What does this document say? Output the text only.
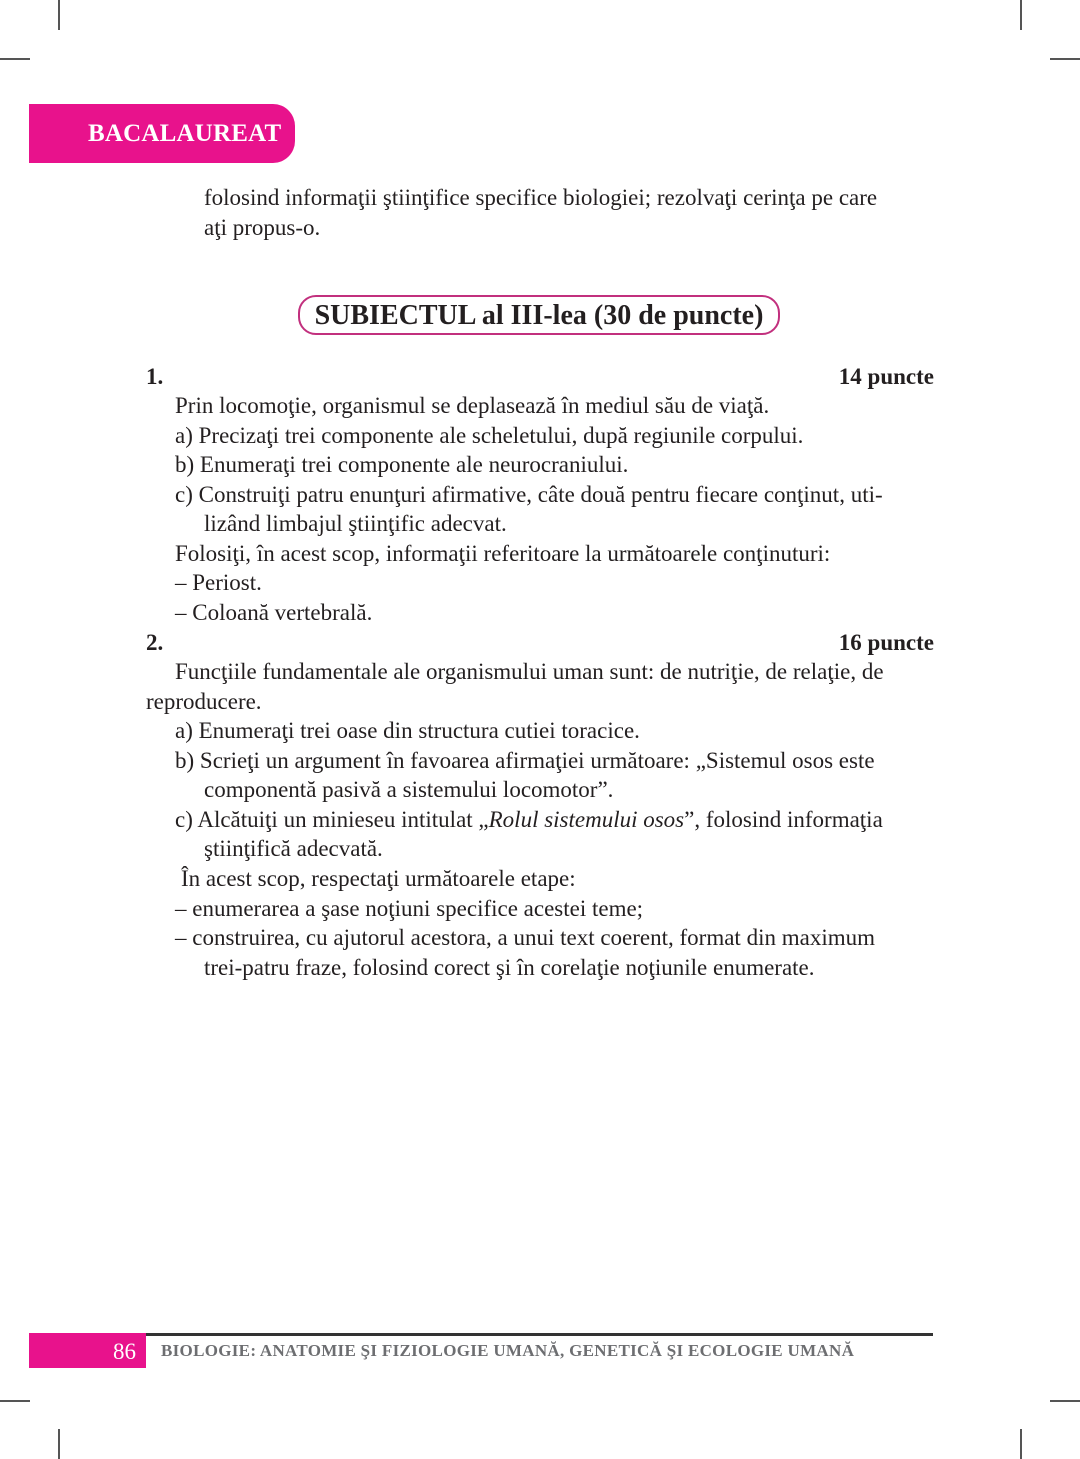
BACALAUREAT
folosind informaţii ştiinţifice specifice biologiei; rezolvaţi cerinţa pe care
aţi propus-o.
SUBIECTUL al III-lea (30 de puncte)
1.	14 puncte
Prin locomoţie, organismul se deplasează în mediul său de viaţă.
a) Precizaţi trei componente ale scheletului, după regiunile corpului.
b) Enumeraţi trei componente ale neurocraniului.
c) Construiţi patru enunţuri afirmative, câte două pentru fiecare conţinut, uti-
lizând limbajul ştiinţific adecvat.
Folosiţi, în acest scop, informaţii referitoare la următoarele conţinuturi:
– Periost.
– Coloană vertebrală.
2.	16 puncte
Funcţiile fundamentale ale organismului uman sunt: de nutriţie, de relaţie, de
reproducere.
a) Enumeraţi trei oase din structura cutiei toracice.
b) Scrieţi un argument în favoarea afirmaţiei următoare: „Sistemul osos este
componentă pasivă a sistemului locomotor”.
c) Alcătuiţi un minieseu intitulat „Rolul sistemului osos”, folosind informaţia
ştiinţifică adecvată.
În acest scop, respectaţi următoarele etape:
– enumerarea a şase noţiuni specifice acestei teme;
– construirea, cu ajutorul acestora, a unui text coerent, format din maximum
trei-patru fraze, folosind corect şi în corelaţie noţiunile enumerate.
86	BIOLOGIE: ANATOMIE ŞI FIZIOLOGIE UMANĂ, GENETICĂ ŞI ECOLOGIE UMANĂ
